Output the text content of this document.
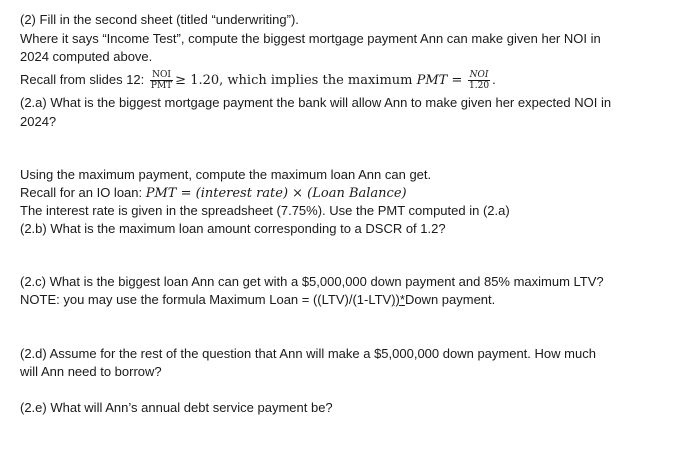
(2) Fill in the second sheet (titled “underwriting”).
Where it says “Income Test”, compute the biggest mortgage payment Ann can make given her NOI in
2024 computed above.
Recall from slides 12: $\frac{\text{NOI}}{\text{PMT}} \ge 1.20$, which implies the maximum PMT = $\frac{\text{NOI}}{1.20}$ .
(2.a) What is the biggest mortgage payment the bank will allow Ann to make given her expected NOI in
2024?
Using the maximum payment, compute the maximum loan Ann can get.
Recall for an IO loan: PMT = (interest rate) × (Loan Balance)
The interest rate is given in the spreadsheet (7.75%). Use the PMT computed in (2.a)
(2.b) What is the maximum loan amount corresponding to a DSCR of 1.2?
(2.c) What is the biggest loan Ann can get with a $5,000,000 down payment and 85% maximum LTV?
NOTE: you may use the formula Maximum Loan = ((LTV)/(1-LTV))*Down payment.
(2.d) Assume for the rest of the question that Ann will make a $5,000,000 down payment. How much
will Ann need to borrow?
(2.e) What will Ann’s annual debt service payment be?
